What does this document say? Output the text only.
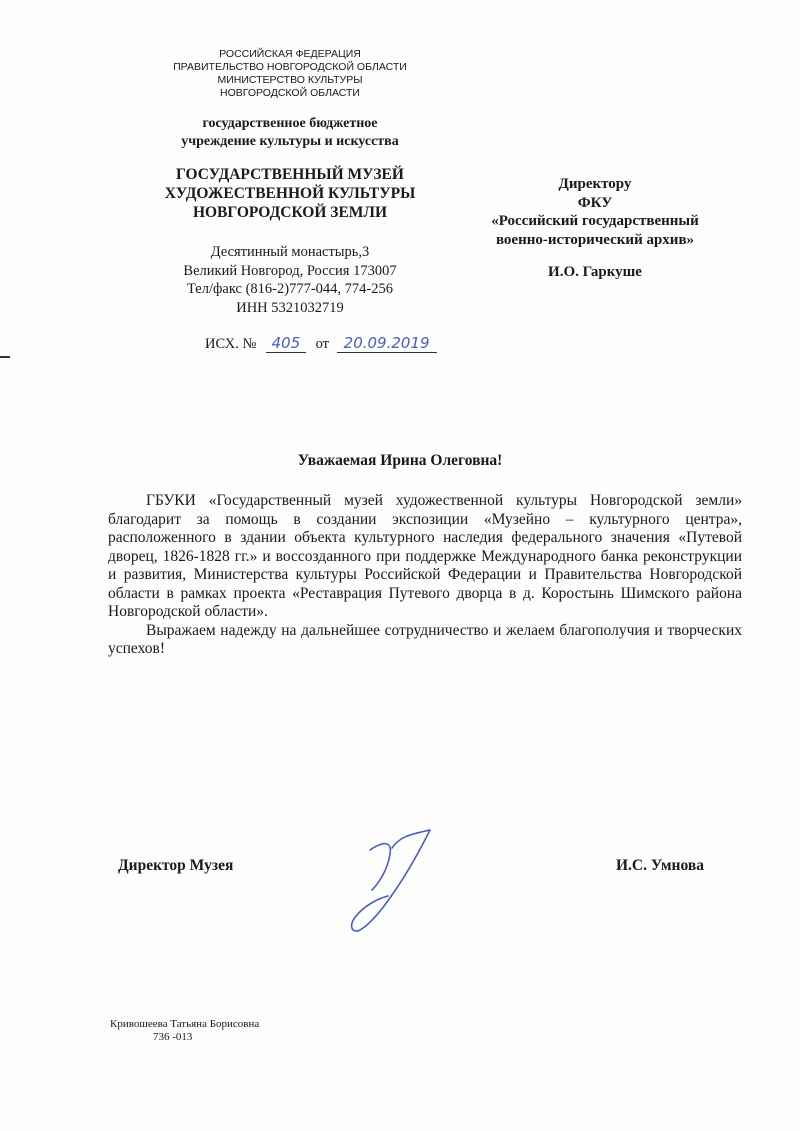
РОССИЙСКАЯ ФЕДЕРАЦИЯ
ПРАВИТЕЛЬСТВО НОВГОРОДСКОЙ ОБЛАСТИ
МИНИСТЕРСТВО КУЛЬТУРЫ
НОВГОРОДСКОЙ ОБЛАСТИ
государственное бюджетное
учреждение культуры и искусства
ГОСУДАРСТВЕННЫЙ МУЗЕЙ
ХУДОЖЕСТВЕННОЙ КУЛЬТУРЫ
НОВГОРОДСКОЙ ЗЕМЛИ
Десятинный монастырь,3
Великий Новгород, Россия 173007
Тел/факс (816-2)777-044, 774-256
ИНН 5321032719
ИСХ. № 405 от 20.09.2019
Директору
ФКУ
«Российский государственный
военно-исторический архив»
И.О. Гаркуше
Уважаемая Ирина Олеговна!

ГБУКИ «Государственный музей художественной культуры Новгородской земли» благодарит за помощь в создании экспозиции «Музейно – культурного центра», расположенного в здании объекта культурного наследия федерального значения «Путевой дворец, 1826-1828 гг.» и воссозданного при поддержке Международного банка реконструкции и развития, Министерства культуры Российской Федерации и Правительства Новгородской области в рамках проекта «Реставрация Путевого дворца в д. Коростынь Шимского района Новгородской области».

Выражаем надежду на дальнейшее сотрудничество и желаем благополучия и творческих успехов!

Директор Музея	И.С. Умнова
Кривошеева Татьяна Борисовна
736 -013
